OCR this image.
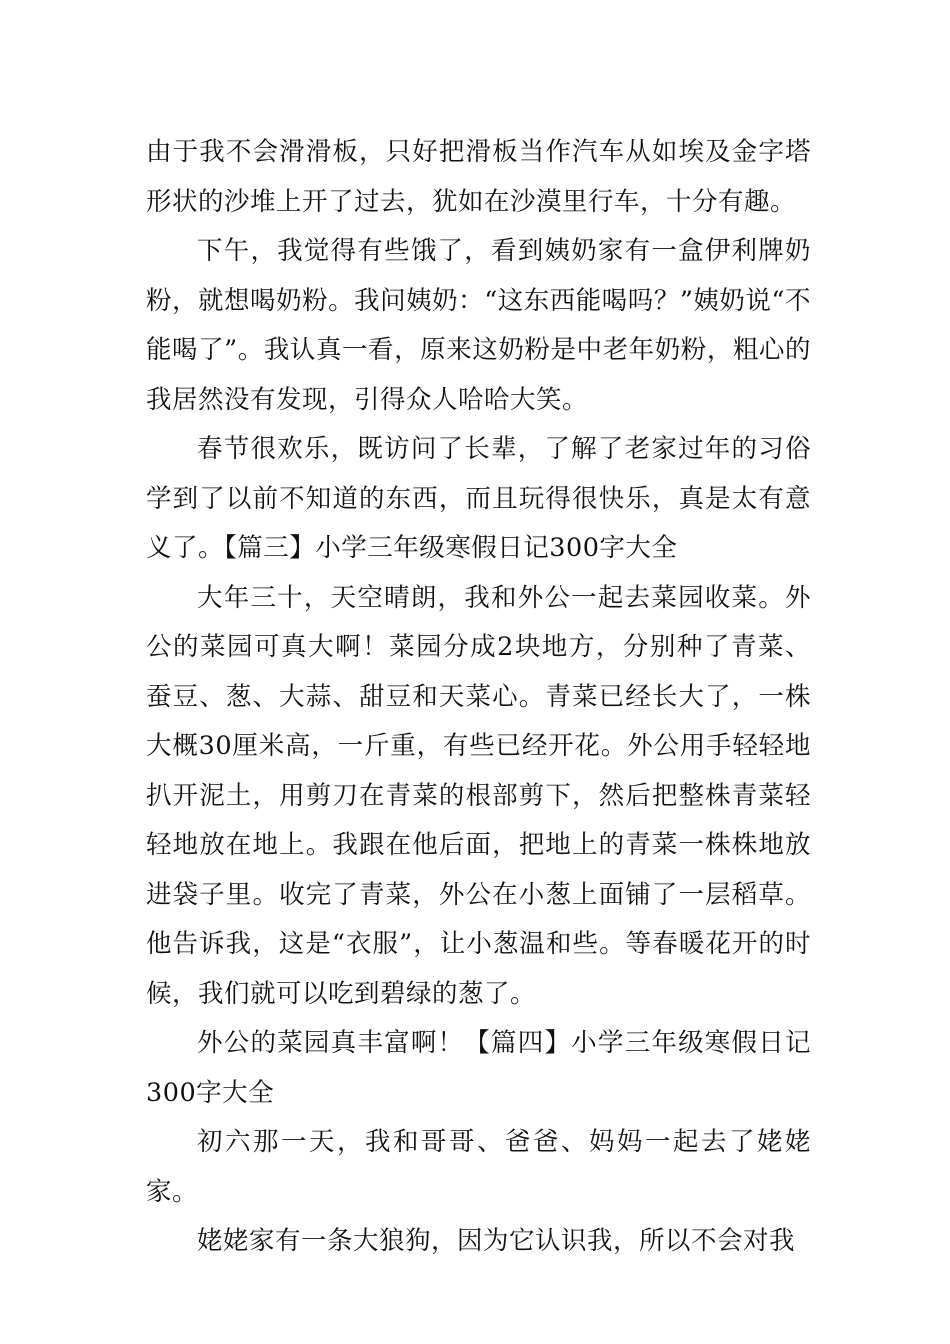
由于我不会滑滑板，只好把滑板当作汽车从如埃及金字塔形状的沙堆上开了过去，犹如在沙漠里行车，十分有趣。

下午，我觉得有些饿了，看到姨奶家有一盒伊利牌奶粉，就想喝奶粉。我问姨奶：“这东西能喝吗？”姨奶说“不能喝了”。我认真一看，原来这奶粉是中老年奶粉，粗心的我居然没有发现，引得众人哈哈大笑。

春节很欢乐，既访问了长辈，了解了老家过年的习俗学到了以前不知道的东西，而且玩得很快乐，真是太有意义了。【篇三】小学三年级寒假日记300字大全

大年三十，天空晴朗，我和外公一起去菜园收菜。外公的菜园可真大啊！菜园分成2块地方，分别种了青菜、蚕豆、葱、大蒜、甜豆和天菜心。青菜已经长大了，一株大概30厘米高，一斤重，有些已经开花。外公用手轻轻地扒开泥土，用剪刀在青菜的根部剪下，然后把整株青菜轻轻地放在地上。我跟在他后面，把地上的青菜一株株地放进袋子里。收完了青菜，外公在小葱上面铺了一层稻草。他告诉我，这是“衣服”，让小葱温和些。等春暖花开的时候，我们就可以吃到碧绿的葱了。

外公的菜园真丰富啊！【篇四】小学三年级寒假日记300字大全

初六那一天，我和哥哥、爸爸、妈妈一起去了姥姥家。

姥姥家有一条大狼狗，因为它认识我，所以不会对我
